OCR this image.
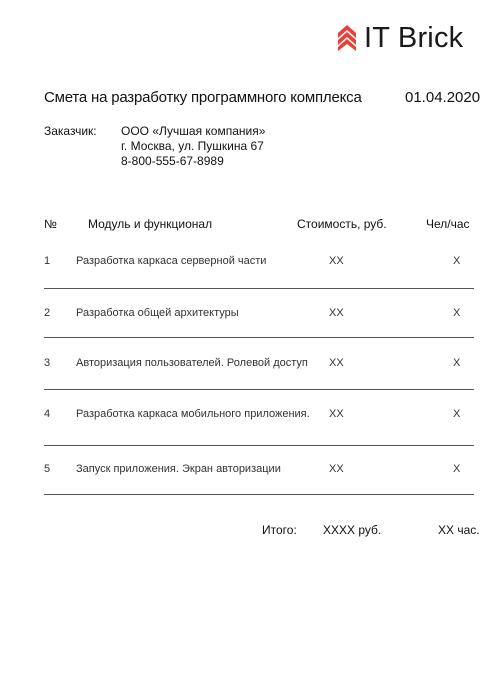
IT Brick
Смета на разработку программного комплекса	01.04.2020
Заказчик: ООО «Лучшая компания»
г. Москва, ул. Пушкина 67
8-800-555-67-8989
№	Модуль и функционал	Стоимость, руб.	Чел/час
1 Разработка каркаса серверной части	XX	X
2 Разработка общей архитектуры	XX	X
3 Авторизация пользователей. Ролевой доступ XX	X
4 Разработка каркаса мобильного приложения. XX	X
5 Запуск приложения. Экран авторизации	XX	X
Итого: XXXX руб.	XX час.
